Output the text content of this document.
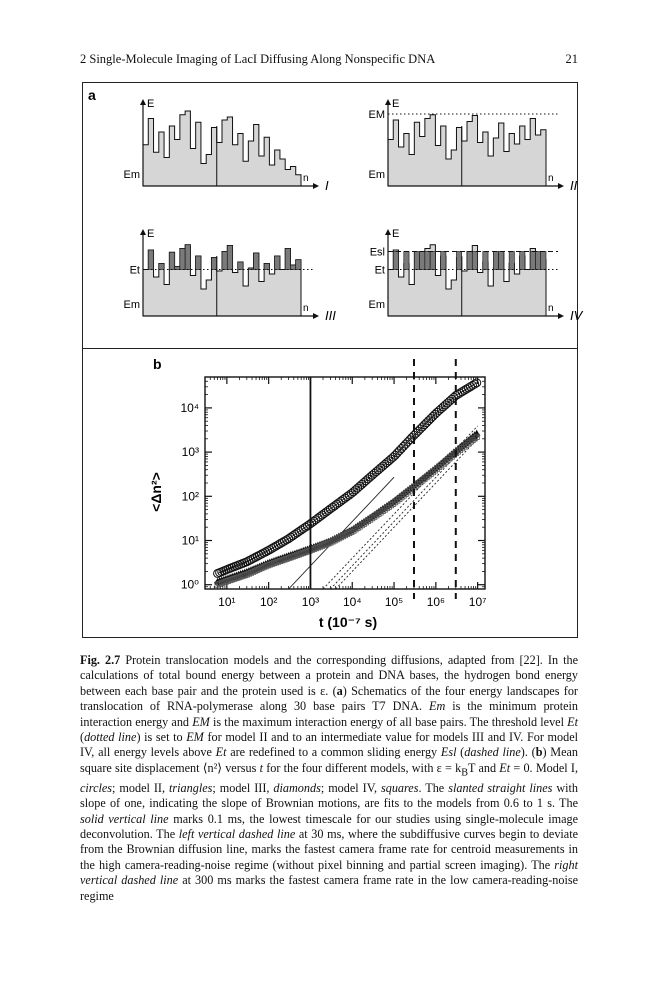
2 Single-Molecule Imaging of LacI Diffusing Along Nonspecific DNA	21
a
E
n
Em
I
E
n
Em
II
EM
E
n
Em
III
Et
E
n
Em
IV
Et
Esl
b
10¹ 10² 10³ 10⁴ 10⁵ 10⁶ 10⁷
10⁰
10¹
10²
10³
10⁴
t (10⁻⁷ s)
<Δn²>

Fig. 2.7 Protein translocation models and the corresponding diffusions, adapted from [22]. In the calculations of total bound energy between a protein and DNA bases, the hydrogen bond energy between each base pair and the protein used is ε. (a) Schematics of the four energy landscapes for translocation of RNA-polymerase along 30 base pairs T7 DNA. Em is the minimum protein interaction energy and EM is the maximum interaction energy of all base pairs. The threshold level Et (dotted line) is set to EM for model II and to an intermediate value for models III and IV. For model IV, all energy levels above Et are redefined to a common sliding energy Esl (dashed line). (b) Mean square site displacement ⟨n²⟩ versus t for the four different models, with $\varepsilon = k_BT$ and Et = 0. Model I, circles; model II, triangles; model III, diamonds; model IV, squares. The slanted straight lines with slope of one, indicating the slope of Brownian motions, are fits to the models from 0.6 to 1 s. The solid vertical line marks 0.1 ms, the lowest timescale for our studies using single-molecule image deconvolution. The left vertical dashed line at 30 ms, where the subdiffusive curves begin to deviate from the Brownian diffusion line, marks the fastest camera frame rate for centroid measurements in the high camera-reading-noise regime (without pixel binning and partial screen imaging). The right vertical dashed line at 300 ms marks the fastest camera frame rate in the low camera-reading-noise regime
